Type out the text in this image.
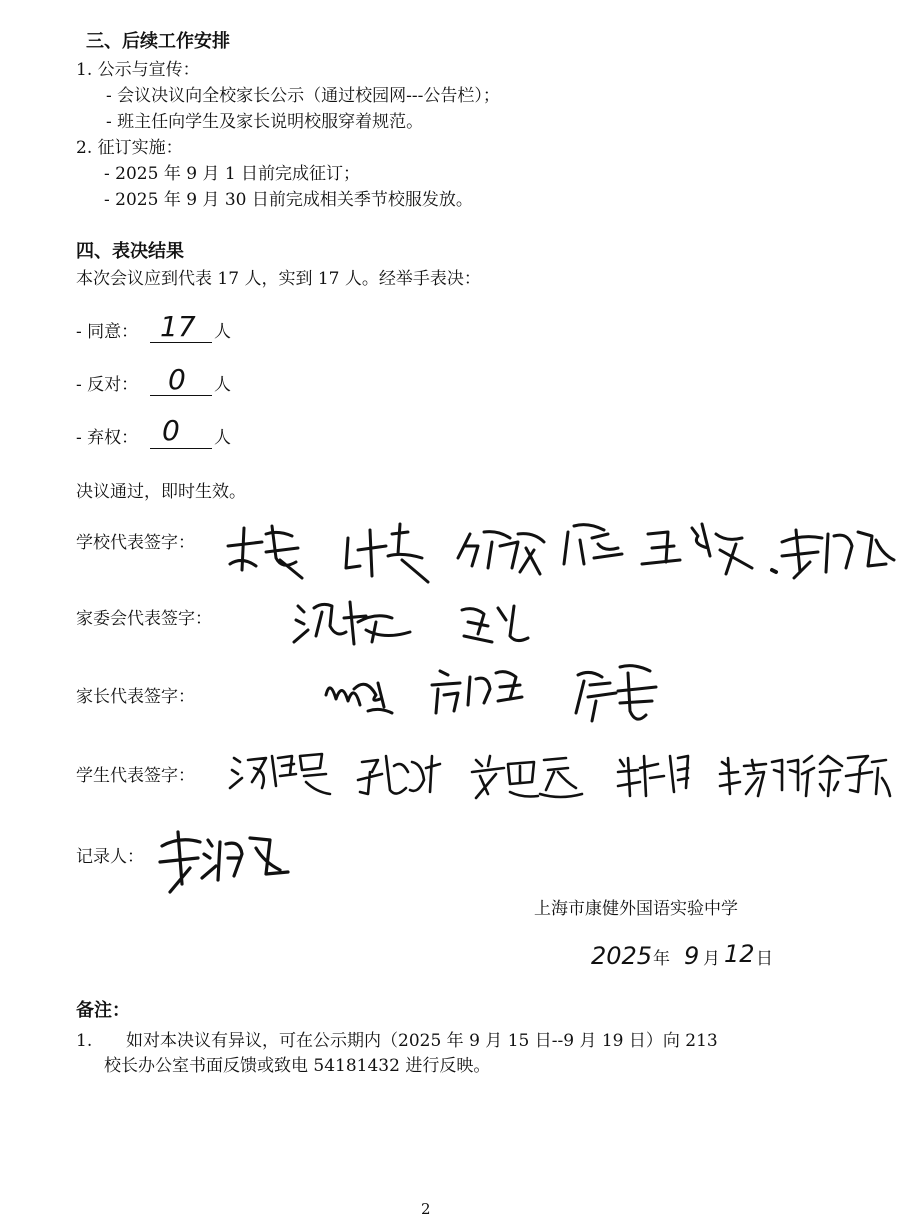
三、后续工作安排
1. 公示与宣传：
- 会议决议向全校家长公示（通过校园网---公告栏）；
- 班主任向学生及家长说明校服穿着规范。
2. 征订实施：
- 2025 年 9 月 1 日前完成征订；
- 2025 年 9 月 30 日前完成相关季节校服发放。
四、表决结果
本次会议应到代表 17 人，实到 17 人。经举手表决：
- 同意： 17 人
- 反对： 0 人
- 弃权： 0 人
决议通过，即时生效。
学校代表签字：
家委会代表签字：
家长代表签字：
学生代表签字：
记录人：
上海市康健外国语实验中学
2025 年 9 月 12 日
备注：
1. 如对本决议有异议，可在公示期内（2025 年 9 月 15 日--9 月 19 日）向 213
校长办公室书面反馈或致电 54181432 进行反映。
2
